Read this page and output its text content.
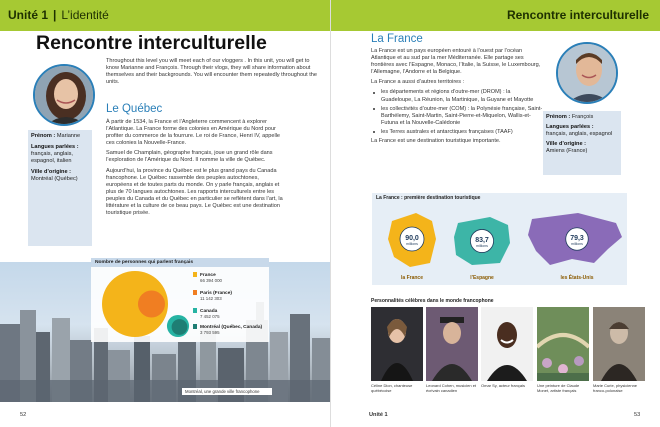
Unité 1 | L’identité
Rencontre interculturelle
Prénom : Marianne
Langues parlées :
français, anglais, espagnol, italien
Ville d’origine :
Montréal (Québec)
Throughout this level you will meet each of our vloggers . In this unit, you will get to know Marianne and François. Through their vlogs, they will share information about themselves and their backgrounds. You will encounter them repeatedly throughout the units.
Le Québec

À partir de 1534, la France et l’Angleterre commencent à explorer l’Atlantique. La France forme des colonies en Amérique du Nord pour profiter du commerce de la fourrure. Le roi de France, Henri IV, appelle ces colonies la Nouvelle-France.

Samuel de Champlain, géographe français, joue un grand rôle dans l’exploration de l’Amérique du Nord. Il nomme la ville de Québec.

Aujourd’hui, la province du Québec est le plus grand pays du Canada francophone. Le Québec rassemble des peuples autochtones, européens et de toutes parts du monde. On y parle français, anglais et plus de 70 langues autochtones. Les rapports interculturels entre les peuples du Canada et du Québec en particulier se reflètent dans l’art, la littérature et la culture de ce beau pays. Le Québec est une destination touristique prisée.

Nombre de personnes qui parlent français
France
66 394 000
Paris (France)
11 142 303
Canada
7 452 075
Montréal (Québec, Canada)
3 793 595
Montréal, une grande ville francophone
52
Rencontre interculturelle
La France

La France est un pays européen entouré à l’ouest par l’océan Atlantique et au sud par la mer Méditerranée. Elle partage ses frontières avec l’Espagne, Monaco, l’Italie, la Suisse, le Luxembourg, l’Allemagne, l’Andorre et la Belgique.

La France a aussi d’autres territoires :

les départements et régions d’outre-mer (DROM) : la Guadeloupe, La Réunion, la Martinique, la Guyane et Mayotte
les collectivités d’outre-mer (COM) : la Polynésie française, Saint-Barthélemy, Saint-Martin, Saint-Pierre-et-Miquelon, Wallis-et-Futuna et la Nouvelle-Calédonie
les Terres australes et antarctiques françaises (TAAF)

La France est une destination touristique importante.

Prénom : François
Langues parlées :
français, anglais, espagnol
Ville d’origine :
Amiens (France)
La France : première destination touristique
90,0
millions	83,7
millions
79,3
millions
la France	l’Espagne	les États-Unis
Personnalités célèbres dans le monde francophone
Céline Dion, chanteuse québécoise
Leonard Cohen, musicien et écrivain canadien
Omar Sy, acteur français	Une peinture de Claude Monet, artiste français
Marie Curie, physicienne franco-polonaise
Unité 1	53
